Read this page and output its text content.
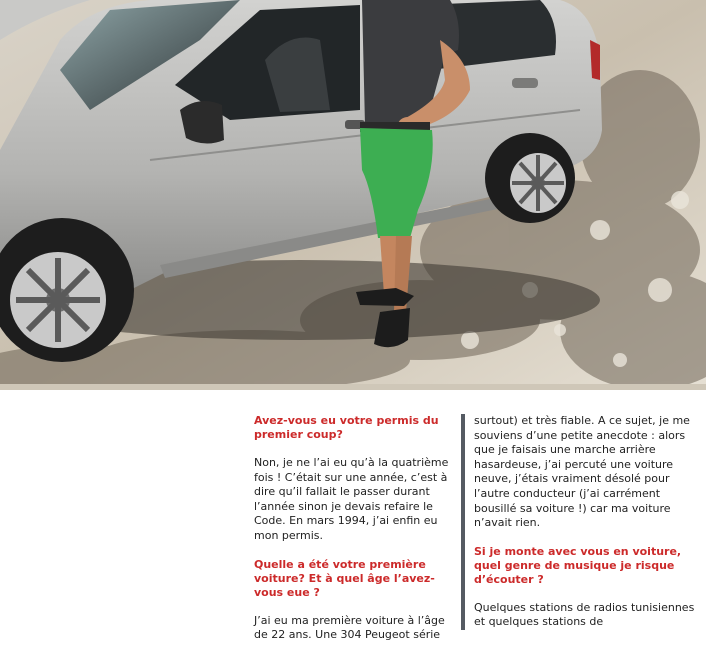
Avez-vous eu votre permis du premier coup?

Non, je ne l’ai eu qu’à la quatrième fois ! C’était sur une année, c’est à dire qu’il fallait le passer durant l’année sinon je devais refaire le Code. En mars 1994, j’ai enfin eu mon permis.

Quelle a été votre première voiture? Et à quel âge l’avez-vous eue ?

J’ai eu ma première voiture à l’âge de 22 ans. Une 304 Peugeot série

surtout) et très fiable. A ce sujet, je me souviens d’une petite anecdote : alors que je faisais une marche arrière hasardeuse, j’ai percuté une voiture neuve, j’étais vraiment désolé pour l’autre conducteur (j’ai carrément bousillé sa voiture !) car ma voiture n’avait rien.

Si je monte avec vous en voiture, quel genre de musique je risque d’écouter ?

Quelques stations de radios tunisiennes et quelques stations de
